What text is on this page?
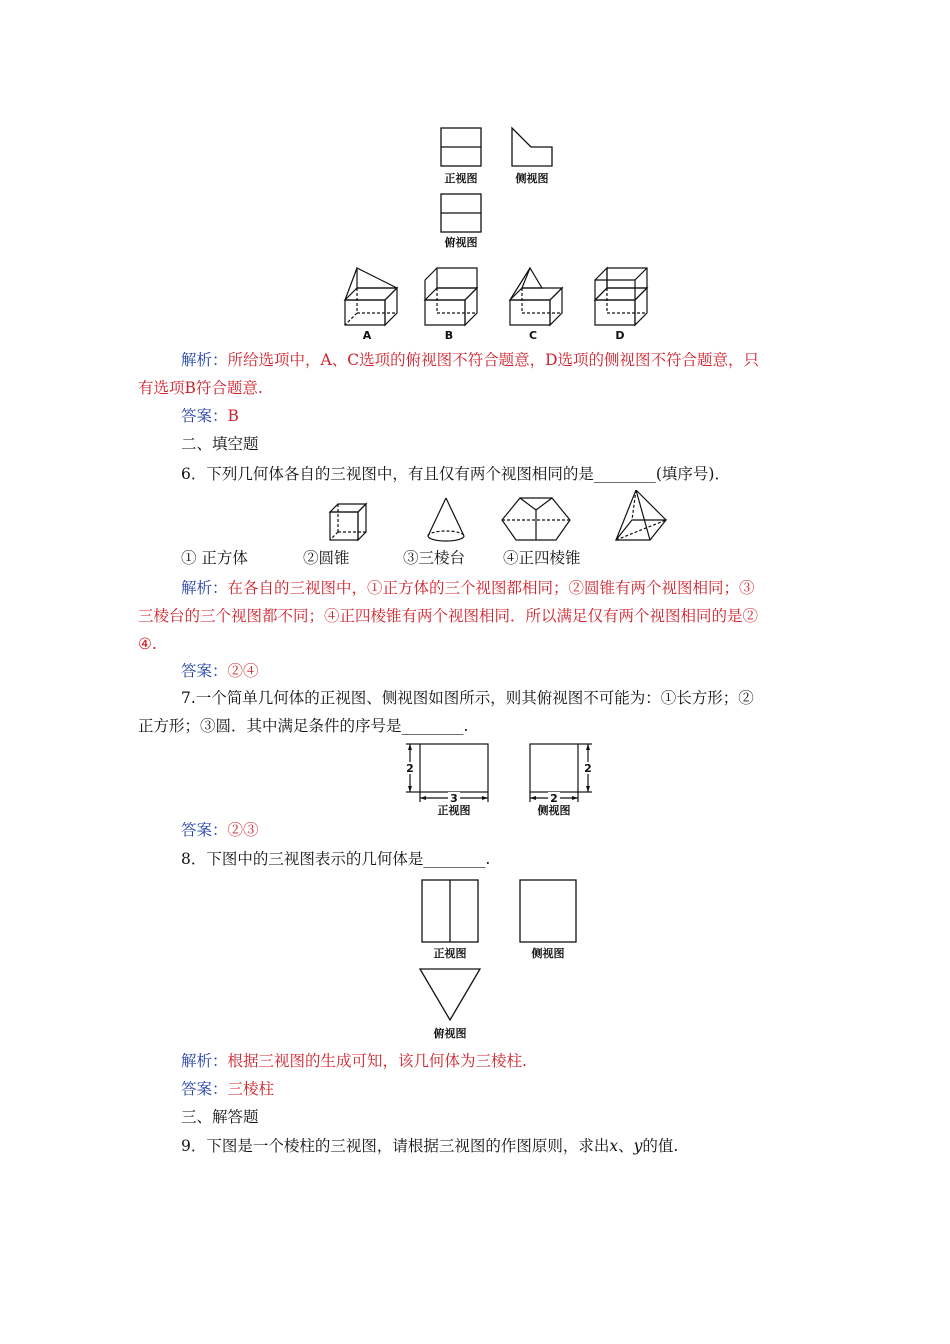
正视图	侧视图
俯视图
A	B	C	D
解析：所给选项中，A、C选项的俯视图不符合题意，D选项的侧视图不符合题意，只
有选项B符合题意.
答案：B
二、填空题
6．下列几何体各自的三视图中，有且仅有两个视图相同的是________(填序号)．
① 正方体	②圆锥	③三棱台 ④正四棱锥
解析：在各自的三视图中，①正方体的三个视图都相同；②圆锥有两个视图相同；③
三棱台的三个视图都不同；④正四棱锥有两个视图相同．所以满足仅有两个视图相同的是②
④.
答案：②④
7.一个简单几何体的正视图、侧视图如图所示，则其俯视图不可能为：①长方形；②
正方形；③圆．其中满足条件的序号是________.
2
3
2
2
正视图	侧视图
答案：②③
8．下图中的三视图表示的几何体是________.
正视图	侧视图
俯视图
解析：根据三视图的生成可知，该几何体为三棱柱.
答案：三棱柱
三、解答题
9．下图是一个棱柱的三视图，请根据三视图的作图原则，求出x、y的值.
